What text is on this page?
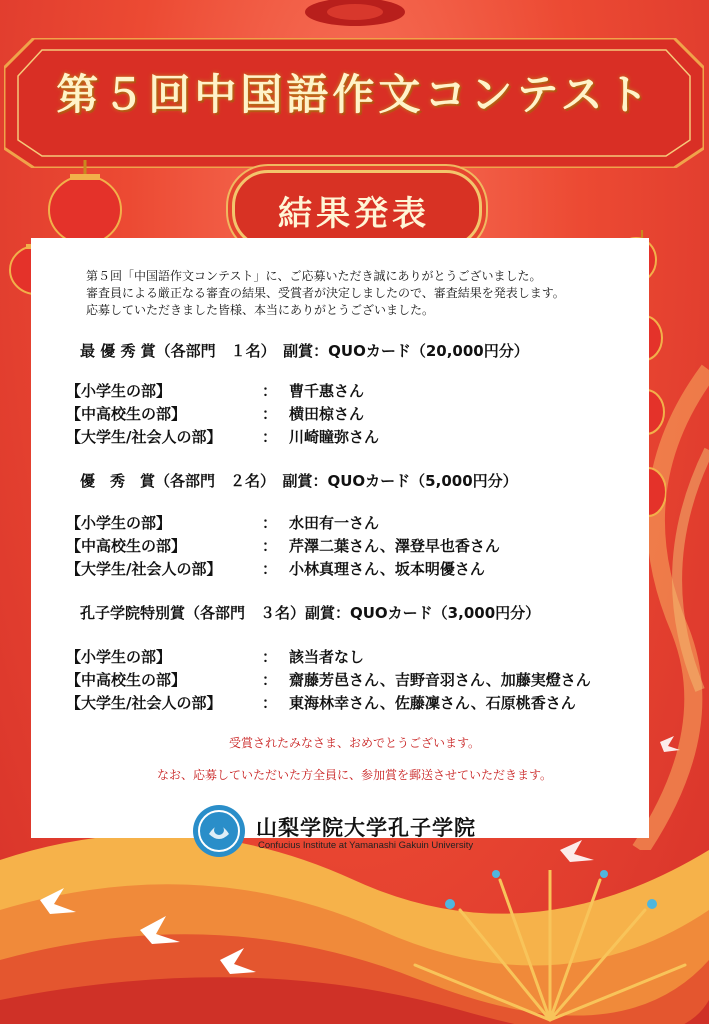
第５回中国語作文コンテスト
結果発表
第５回「中国語作文コンテスト」に、ご応募いただき誠にありがとうございました。
審査員による厳正なる審査の結果、受賞者が決定しましたので、審査結果を発表します。
応募していただきました皆様、本当にありがとうございました。
最 優 秀 賞（各部門　１名）　副賞：QUOカード（20,000円分）
【小学生の部】	： 曹千惠さん
【中高校生の部】	： 横田椋さん
【大学生/社会人の部】	： 川崎瞳弥さん
優　秀　賞（各部門　２名）　副賞：QUOカード（5,000円分）
【小学生の部】	： 水田有一さん
【中高校生の部】	： 芹澤二葉さん、澤登早也香さん
【大学生/社会人の部】	： 小林真理さん、坂本明優さん
孔子学院特別賞（各部門　３名）副賞：QUOカード（3,000円分）
【小学生の部】	： 該当者なし
【中高校生の部】	： 齋藤芳邑さん、吉野音羽さん、加藤実燈さん
【大学生/社会人の部】	： 東海林幸さん、佐藤凜さん、石原桃香さん
受賞されたみなさま、おめでとうございます。
なお、応募していただいた方全員に、参加賞を郵送させていただきます。
山梨学院大学孔子学院
Confucius Institute at Yamanashi Gakuin University
